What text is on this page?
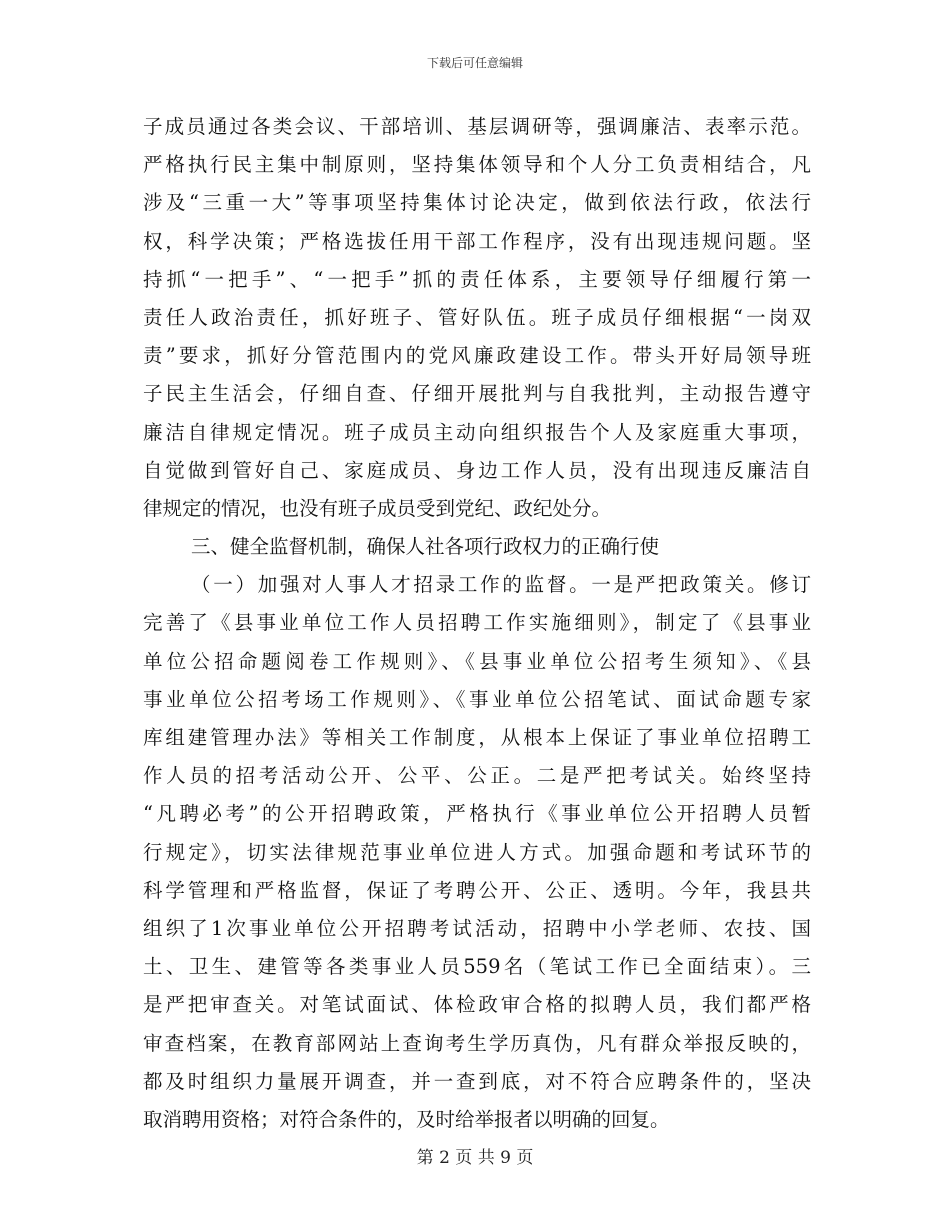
下载后可任意编辑
子成员通过各类会议、干部培训、基层调研等，强调廉洁、表率示范。
严格执行民主集中制原则，坚持集体领导和个人分工负责相结合，凡
涉及“三重一大”等事项坚持集体讨论决定，做到依法行政，依法行
权，科学决策；严格选拔任用干部工作程序，没有出现违规问题。坚
持抓“一把手”、“一把手”抓的责任体系，主要领导仔细履行第一
责任人政治责任，抓好班子、管好队伍。班子成员仔细根据“一岗双
责”要求，抓好分管范围内的党风廉政建设工作。带头开好局领导班
子民主生活会，仔细自查、仔细开展批判与自我批判，主动报告遵守
廉洁自律规定情况。班子成员主动向组织报告个人及家庭重大事项，
自觉做到管好自己、家庭成员、身边工作人员，没有出现违反廉洁自
律规定的情况，也没有班子成员受到党纪、政纪处分。
三、健全监督机制，确保人社各项行政权力的正确行使
（一）加强对人事人才招录工作的监督。一是严把政策关。修订
完善了《县事业单位工作人员招聘工作实施细则》，制定了《县事业
单位公招命题阅卷工作规则》、《县事业单位公招考生须知》、《县
事业单位公招考场工作规则》、《事业单位公招笔试、面试命题专家
库组建管理办法》等相关工作制度，从根本上保证了事业单位招聘工
作人员的招考活动公开、公平、公正。二是严把考试关。始终坚持
“凡聘必考”的公开招聘政策，严格执行《事业单位公开招聘人员暂
行规定》，切实法律规范事业单位进人方式。加强命题和考试环节的
科学管理和严格监督，保证了考聘公开、公正、透明。今年，我县共
组织了1次事业单位公开招聘考试活动，招聘中小学老师、农技、国
土、卫生、建管等各类事业人员559名（笔试工作已全面结束）。三
是严把审查关。对笔试面试、体检政审合格的拟聘人员，我们都严格
审查档案，在教育部网站上查询考生学历真伪，凡有群众举报反映的，
都及时组织力量展开调查，并一查到底，对不符合应聘条件的，坚决
取消聘用资格；对符合条件的，及时给举报者以明确的回复。
第 2 页 共 9 页
